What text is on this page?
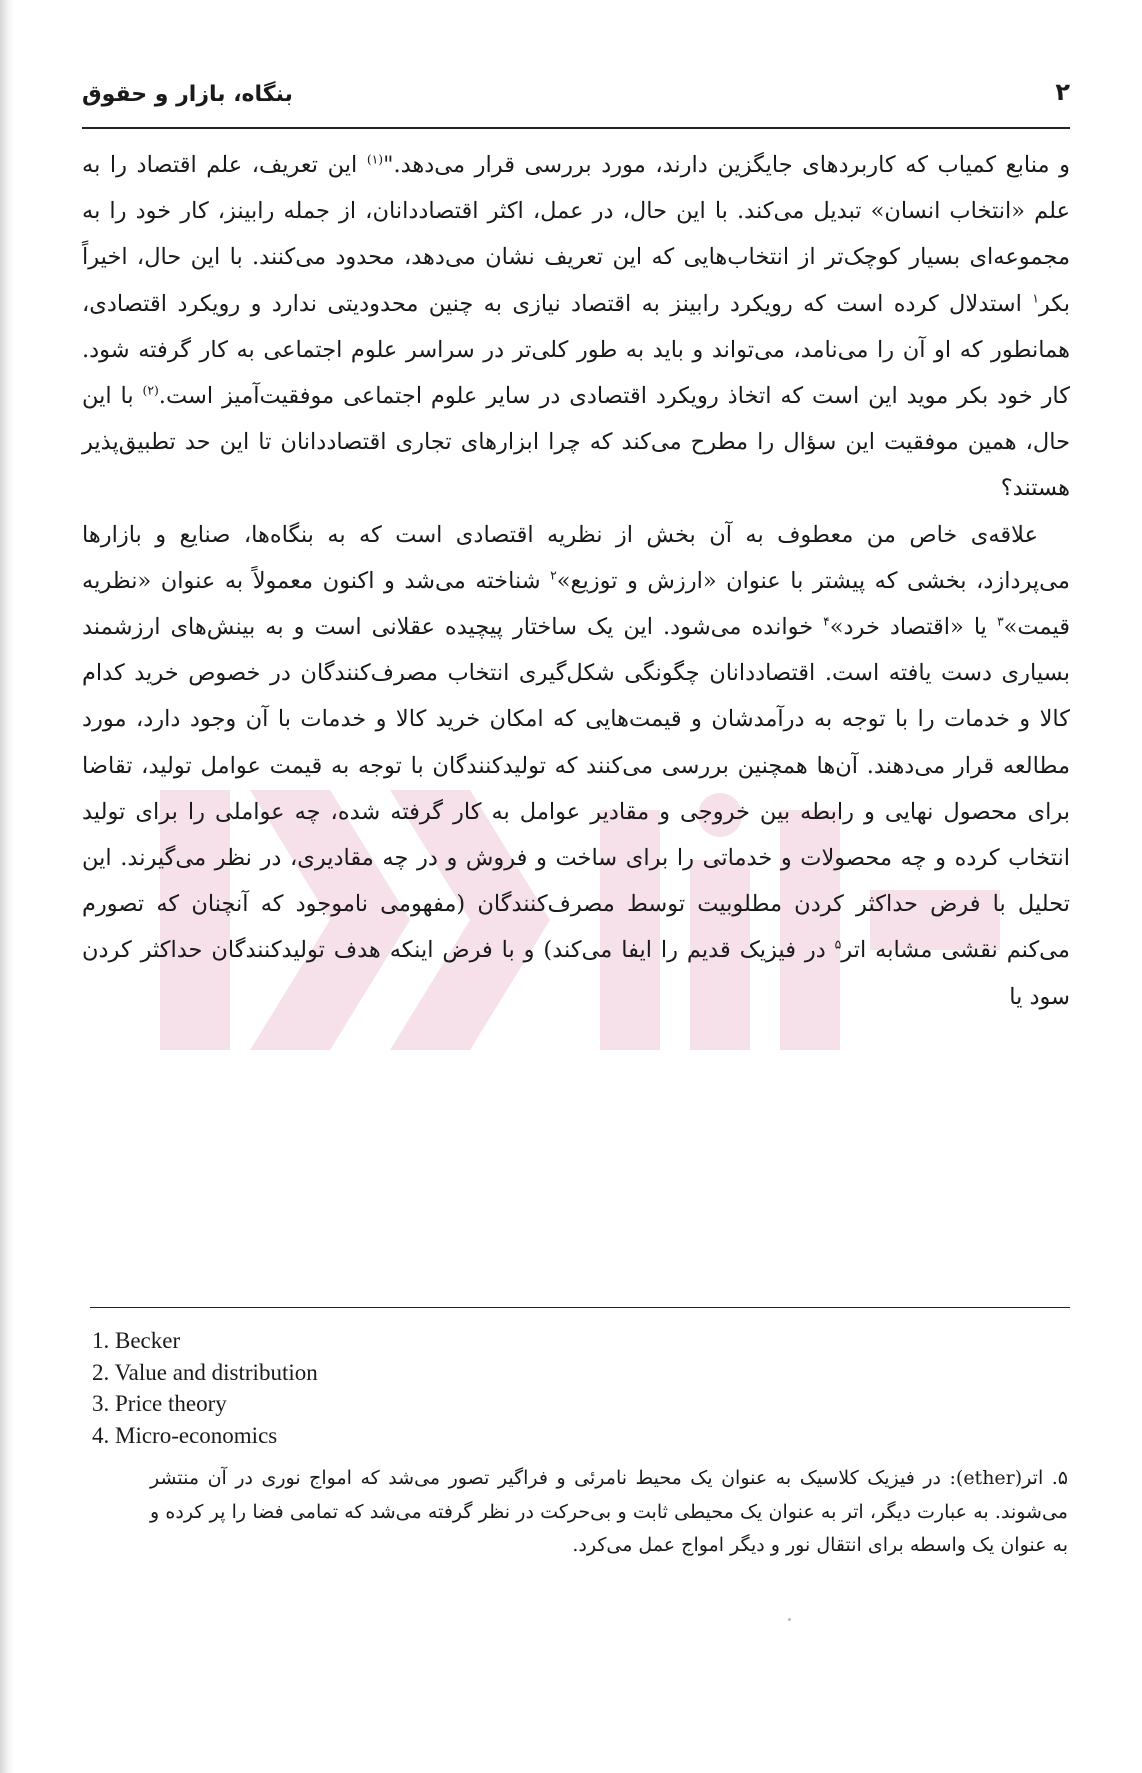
بنگاه، بازار و حقوق	۲

و منابع کمیاب که کاربردهای جایگزین دارند، مورد بررسی قرار می‌دهد."$^{(۱)}$ این تعریف، علم اقتصاد را به علم «انتخاب انسان» تبدیل می‌کند. با این حال، در عمل، اکثر اقتصاددانان، از جمله رابینز، کار خود را به مجموعه‌ای بسیار کوچک‌تر از انتخاب‌هایی که این تعریف نشان می‌دهد، محدود می‌کنند. با این حال، اخیراً بکر$^۱$ استدلال کرده است که رویکرد رابینز به اقتصاد نیازی به چنین محدودیتی ندارد و رویکرد اقتصادی، همانطور که او آن را می‌نامد، می‌تواند و باید به طور کلی‌تر در سراسر علوم اجتماعی به کار گرفته شود. کار خود بکر موید این است که اتخاذ رویکرد اقتصادی در سایر علوم اجتماعی موفقیت‌آمیز است.$^{(۲)}$ با این حال، همین موفقیت این سؤال را مطرح می‌کند که چرا ابزارهای تجاری اقتصاددانان تا این حد تطبیق‌پذیر هستند؟

علاقه‌ی خاص من معطوف به آن بخش از نظریه اقتصادی است که به بنگاه‌ها، صنایع و بازارها می‌پردازد، بخشی که پیشتر با عنوان «ارزش و توزیع»$^۲$ شناخته می‌شد و اکنون معمولاً به عنوان «نظریه قیمت»$^۳$ یا «اقتصاد خرد»$^۴$ خوانده می‌شود. این یک ساختار پیچیده عقلانی است و به بینش‌های ارزشمند بسیاری دست یافته است. اقتصاددانان چگونگی شکل‌گیری انتخاب مصرف‌کنندگان در خصوص خرید کدام کالا و خدمات را با توجه به درآمدشان و قیمت‌هایی که امکان خرید کالا و خدمات با آن وجود دارد، مورد مطالعه قرار می‌دهند. آن‌ها همچنین بررسی می‌کنند که تولیدکنندگان با توجه به قیمت عوامل تولید، تقاضا برای محصول نهایی و رابطه بین خروجی و مقادیر عوامل به کار گرفته شده، چه عواملی را برای تولید انتخاب کرده و چه محصولات و خدماتی را برای ساخت و فروش و در چه مقادیری، در نظر می‌گیرند. این تحلیل با فرض حداکثر کردن مطلوبیت توسط مصرف‌کنندگان (مفهومی ناموجود که آنچنان که تصورم می‌کنم نقشی مشابه اتر$^۵$ در فیزیک قدیم را ایفا می‌کند) و با فرض اینکه هدف تولیدکنندگان حداکثر کردن سود یا

1. Becker
2. Value and distribution
3. Price theory
4. Micro-economics
۵. اتر(ether): در فیزیک کلاسیک به عنوان یک محیط نامرئی و فراگیر تصور می‌شد که امواج نوری در آن منتشر می‌شوند. به عبارت دیگر، اتر به عنوان یک محیطی ثابت و بی‌حرکت در نظر گرفته می‌شد که تمامی فضا را پر کرده و به عنوان یک واسطه برای انتقال نور و دیگر امواج عمل می‌کرد.
